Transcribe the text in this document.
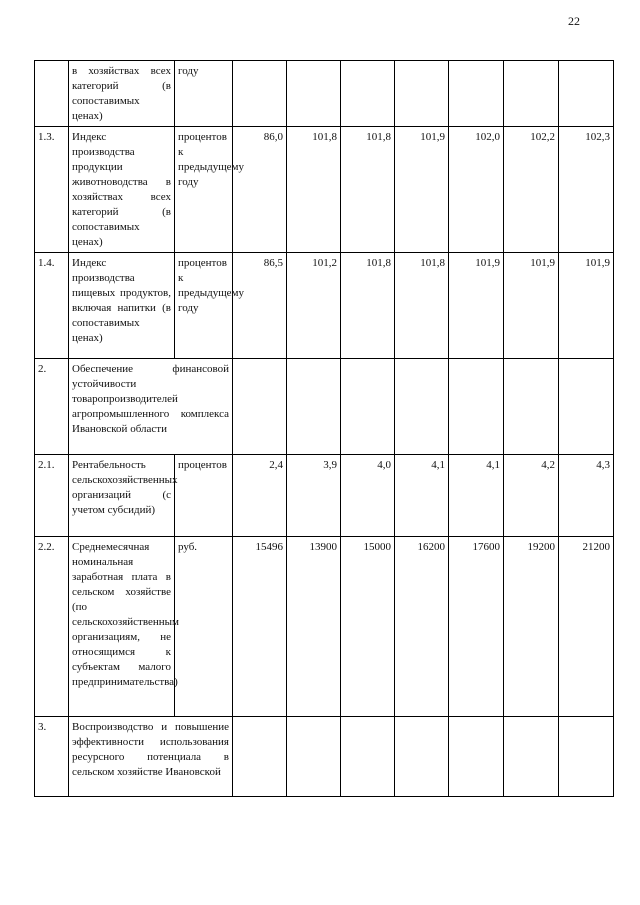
22
	в хозяйствах всех категорий (в сопоставимых ценах)	году							
1.3.	Индекс производства продукции животноводства в хозяйствах всех категорий (в сопоставимых ценах)	процентов к предыдущему году	86,0	101,8	101,8	101,9	102,0	102,2	102,3
1.4.	Индекс производства пищевых продуктов, включая напитки (в сопоставимых ценах)	процентов к предыдущему году	86,5	101,2	101,8	101,8	101,9	101,9	101,9
2.	Обеспечение финансовой устойчивости товаропроизводителей агропромышленного комплекса Ивановской области								
2.1.	Рентабельность сельскохозяйственных организаций (с учетом субсидий)	процентов	2,4	3,9	4,0	4,1	4,1	4,2	4,3
2.2.	Среднемесячная номинальная заработная плата в сельском хозяйстве (по сельскохозяйственным организациям, не относящимся к субъектам малого предпринимательства)	руб.	15496	13900	15000	16200	17600	19200	21200
3.	Воспроизводство и повышение эффективности использования ресурсного потенциала в сельском хозяйстве Ивановской								
